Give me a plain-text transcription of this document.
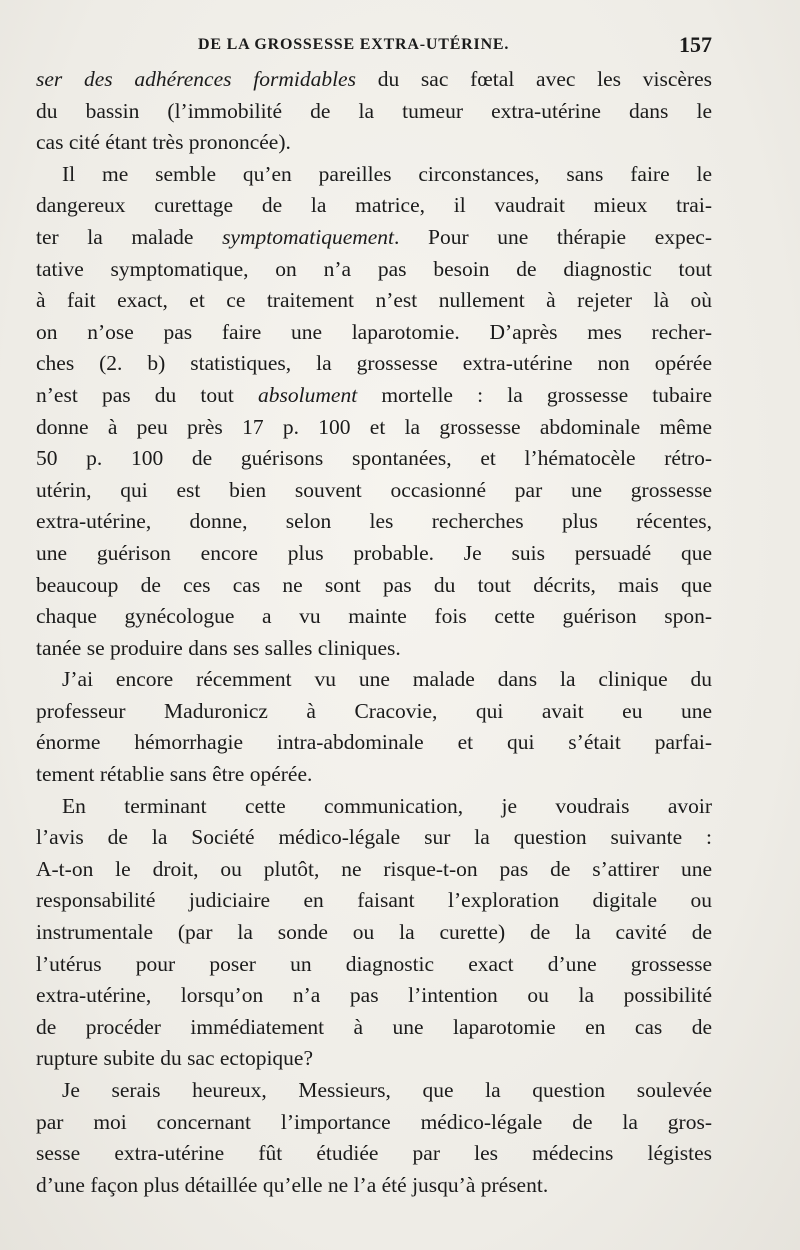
DE LA GROSSESSE EXTRA-UTÉRINE.	157
ser des adhérences formidables du sac fœtal avec les viscères
du bassin (l’immobilité de la tumeur extra-utérine dans le
cas cité étant très prononcée).
Il me semble qu’en pareilles circonstances, sans faire le
dangereux curettage de la matrice, il vaudrait mieux trai-
ter la malade symptomatiquement. Pour une thérapie expec-
tative symptomatique, on n’a pas besoin de diagnostic tout
à fait exact, et ce traitement n’est nullement à rejeter là où
on n’ose pas faire une laparotomie. D’après mes recher-
ches (2. b) statistiques, la grossesse extra-utérine non opérée
n’est pas du tout absolument mortelle : la grossesse tubaire
donne à peu près 17 p. 100 et la grossesse abdominale même
50 p. 100 de guérisons spontanées, et l’hématocèle rétro-
utérin, qui est bien souvent occasionné par une grossesse
extra-utérine, donne, selon les recherches plus récentes,
une guérison encore plus probable. Je suis persuadé que
beaucoup de ces cas ne sont pas du tout décrits, mais que
chaque gynécologue a vu mainte fois cette guérison spon-
tanée se produire dans ses salles cliniques.
J’ai encore récemment vu une malade dans la clinique du
professeur Maduronicz à Cracovie, qui avait eu une
énorme hémorrhagie intra-abdominale et qui s’était parfai-
tement rétablie sans être opérée.
En terminant cette communication, je voudrais avoir
l’avis de la Société médico-légale sur la question suivante :
A-t-on le droit, ou plutôt, ne risque-t-on pas de s’attirer une
responsabilité judiciaire en faisant l’exploration digitale ou
instrumentale (par la sonde ou la curette) de la cavité de
l’utérus pour poser un diagnostic exact d’une grossesse
extra-utérine, lorsqu’on n’a pas l’intention ou la possibilité
de procéder immédiatement à une laparotomie en cas de
rupture subite du sac ectopique?
Je serais heureux, Messieurs, que la question soulevée
par moi concernant l’importance médico-légale de la gros-
sesse extra-utérine fût étudiée par les médecins légistes
d’une façon plus détaillée qu’elle ne l’a été jusqu’à présent.
